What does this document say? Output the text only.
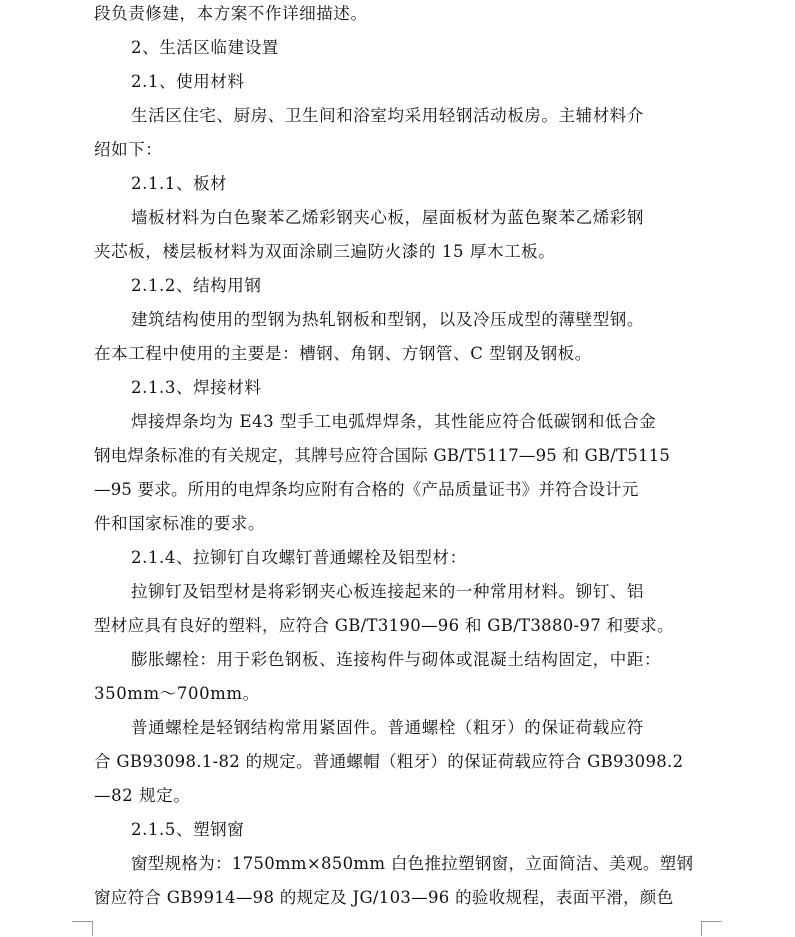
段负责修建，本方案不作详细描述。
2、生活区临建设置
2.1、使用材料
生活区住宅、厨房、卫生间和浴室均采用轻钢活动板房。主辅材料介
绍如下：
2.1.1、板材
墙板材料为白色聚苯乙烯彩钢夹心板，屋面板材为蓝色聚苯乙烯彩钢
夹芯板，楼层板材料为双面涂刷三遍防火漆的 15 厚木工板。
2.1.2、结构用钢
建筑结构使用的型钢为热轧钢板和型钢，以及冷压成型的薄壁型钢。
在本工程中使用的主要是：槽钢、角钢、方钢管、C 型钢及钢板。
2.1.3、焊接材料
焊接焊条均为 E43 型手工电弧焊焊条，其性能应符合低碳钢和低合金
钢电焊条标准的有关规定，其牌号应符合国际 GB/T5117—95 和 GB/T5115
—95 要求。所用的电焊条均应附有合格的《产品质量证书》并符合设计元
件和国家标准的要求。
2.1.4、拉铆钉自攻螺钉普通螺栓及铝型材：
拉铆钉及铝型材是将彩钢夹心板连接起来的一种常用材料。铆钉、铝
型材应具有良好的塑料，应符合 GB/T3190—96 和 GB/T3880-97 和要求。
膨胀螺栓：用于彩色钢板、连接构件与砌体或混凝土结构固定，中距：
350mm～700mm。
普通螺栓是轻钢结构常用紧固件。普通螺栓（粗牙）的保证荷载应符
合 GB93098.1-82 的规定。普通螺帽（粗牙）的保证荷载应符合 GB93098.2
—82 规定。
2.1.5、塑钢窗
窗型规格为：1750mm×850mm 白色推拉塑钢窗，立面简洁、美观。塑钢
窗应符合 GB9914—98 的规定及 JG/103—96 的验收规程，表面平滑，颜色
